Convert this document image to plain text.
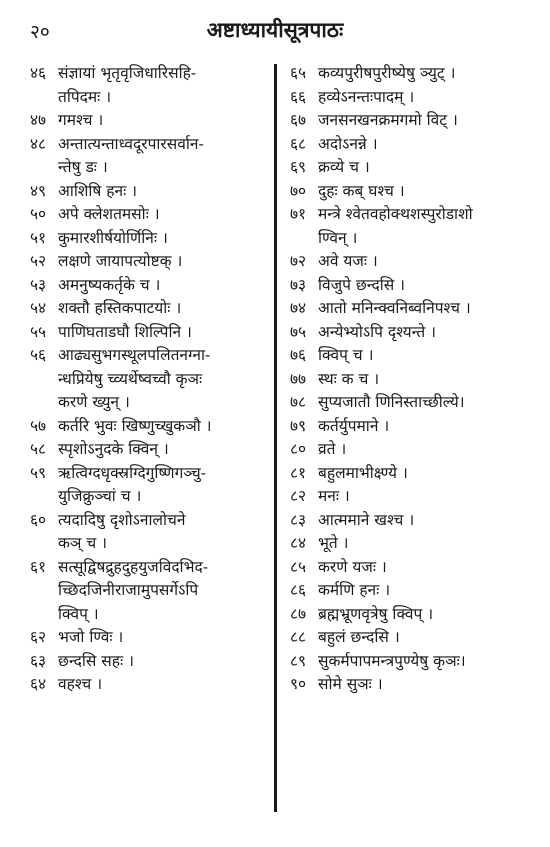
२०	अष्टाध्यायीसूत्रपाठः
४६ संज्ञायां भृतृवृजिधारिसहि-
तपिदमः ।
४७ गमश्च ।
४८ अन्तात्यन्ताध्वदूरपारसर्वान-
न्तेषु डः ।
४९ आशिषि हनः ।
५० अपे क्लेशतमसोः ।
५१ कुमारशीर्षयोर्णिनिः ।
५२ लक्षणे जायापत्योष्टक् ।
५३ अमनुष्यकर्तृके च ।
५४ शक्तौ हस्तिकपाटयोः ।
५५ पाणिघताडघौ शिल्पिनि ।
५६ आढ्यसुभगस्थूलपलितनग्ना-
न्धप्रियेषु च्व्यर्थेष्वच्वौ कृञः
करणे ख्युन् ।
५७ कर्तरि भुवः खिष्णुच्खुकञौ ।
५८ स्पृशोऽनुदके क्विन् ।
५९ ऋत्विग्दधृक्स्रग्दिगुष्णिगञ्चु-
युजिक्रुञ्चां च ।
६० त्यदादिषु दृशोऽनालोचने
कञ् च ।
६१ सत्सूद्विषद्रुहदुहयुजविदभिद-
च्छिदजिनीराजामुपसर्गेऽपि
क्विप् ।
६२ भजो ण्विः ।
६३ छन्दसि सहः ।
६४ वहश्च ।
६५ कव्यपुरीषपुरीष्येषु ञ्युट् ।
६६ हव्येऽनन्तःपादम् ।
६७ जनसनखनक्रमगमो विट् ।
६८ अदोऽनन्ने ।
६९ क्रव्ये च ।
७० दुहः कब् घश्च ।
७१ मन्त्रे श्वेतवहोक्थशस्पुरोडाशो
ण्विन् ।
७२ अवे यजः ।
७३ विजुपे छन्दसि ।
७४ आतो मनिन्क्वनिब्वनिपश्च ।
७५ अन्येभ्योऽपि दृश्यन्ते ।
७६ क्विप् च ।
७७ स्थः क च ।
७८ सुप्यजातौ णिनिस्ताच्छील्ये।
७९ कर्तर्युपमाने ।
८० व्रते ।
८१ बहुलमाभीक्ष्ण्ये ।
८२ मनः ।
८३ आत्ममाने खश्च ।
८४ भूते ।
८५ करणे यजः ।
८६ कर्मणि हनः ।
८७ ब्रह्मभ्रूणवृत्रेषु क्विप् ।
८८ बहुलं छन्दसि ।
८९ सुकर्मपापमन्त्रपुण्येषु कृञः।
९० सोमे सुञः ।
